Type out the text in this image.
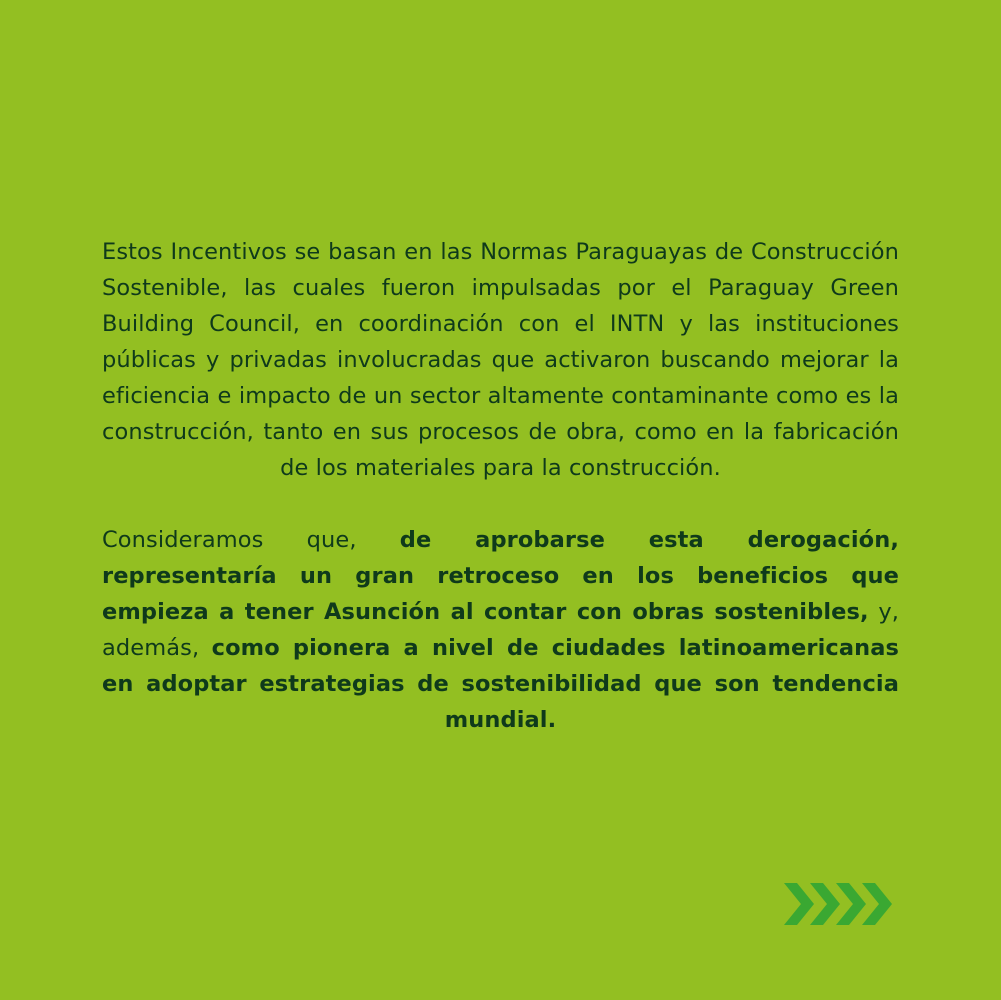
Estos Incentivos se basan en las Normas Paraguayas de Construcción Sostenible, las cuales fueron impulsadas por el Paraguay Green Building Council, en coordinación con el INTN y las instituciones públicas y privadas involucradas que activaron buscando mejorar la eficiencia e impacto de un sector altamente contaminante como es la construcción, tanto en sus procesos de obra, como en la fabricación de los materiales para la construcción.

Consideramos que, de aprobarse esta derogación, representaría un gran retroceso en los beneficios que empieza a tener Asunción al contar con obras sostenibles, y, además, como pionera a nivel de ciudades latinoamericanas en adoptar estrategias de sostenibilidad que son tendencia mundial.
